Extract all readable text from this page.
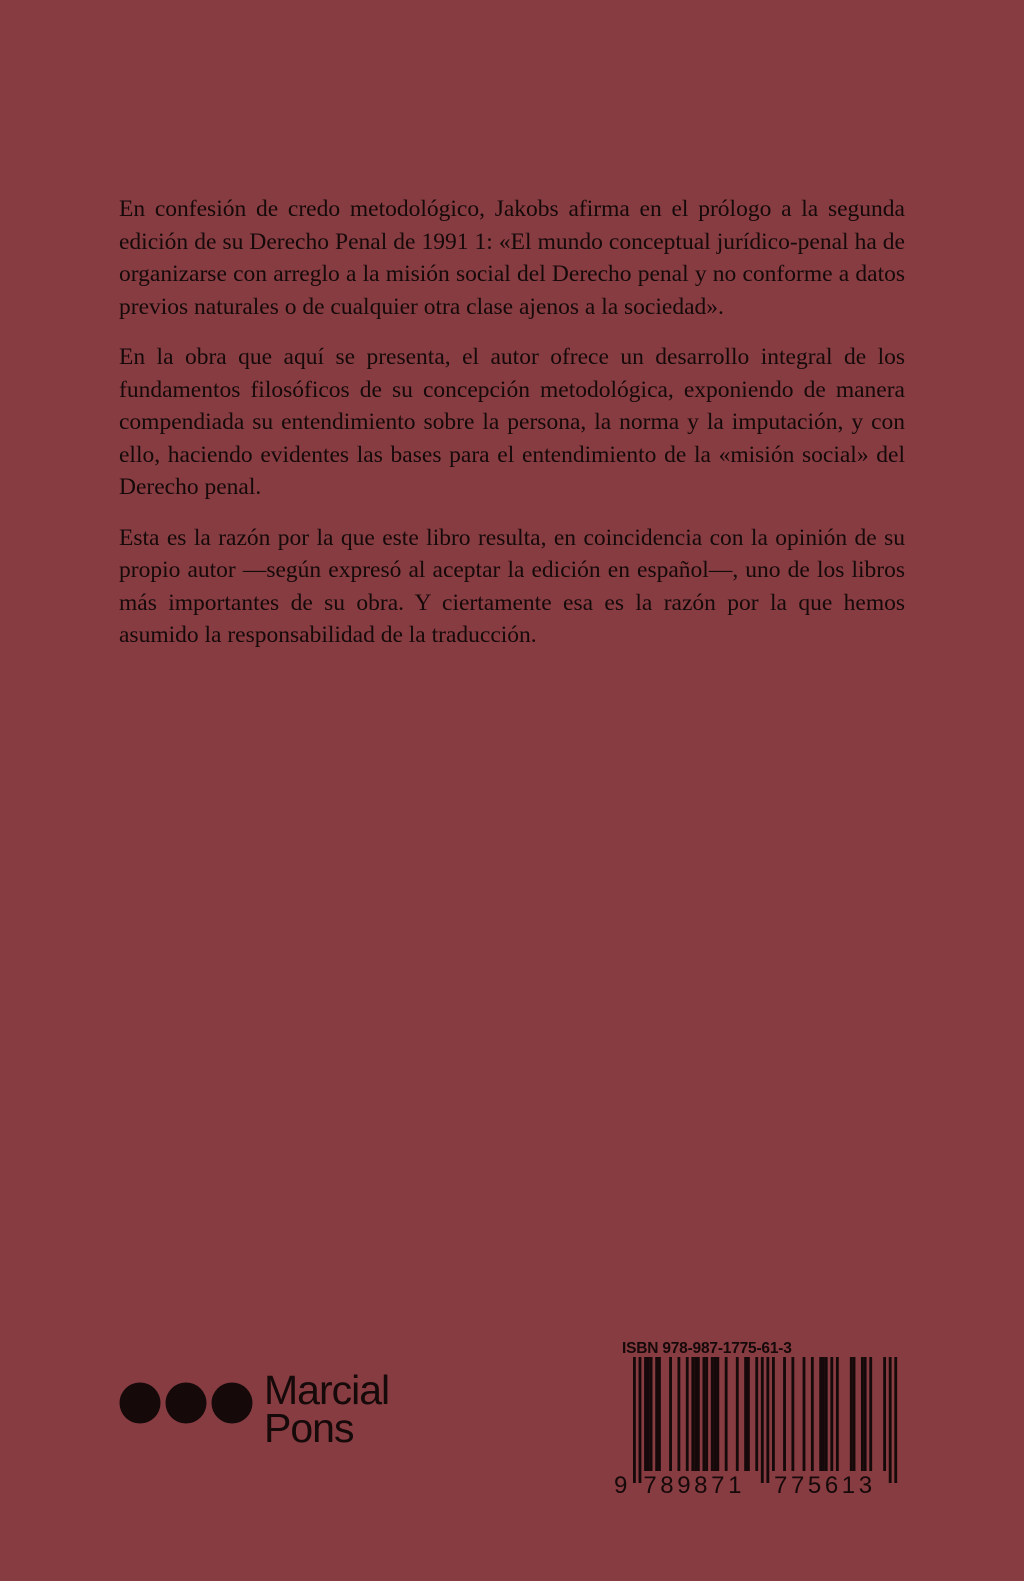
En confesión de credo metodológico, Jakobs afirma en el prólogo a la segunda edición de su Derecho Penal de 1991 1: «El mundo conceptual jurídico-penal ha de organizarse con arreglo a la misión social del Derecho penal y no conforme a datos previos naturales o de cualquier otra clase ajenos a la sociedad».

En la obra que aquí se presenta, el autor ofrece un desarrollo integral de los fundamentos filosóficos de su concepción metodológica, exponiendo de manera compendiada su entendimiento sobre la persona, la norma y la imputación, y con ello, haciendo evidentes las bases para el entendimiento de la «misión social» del Derecho penal.

Esta es la razón por la que este libro resulta, en coincidencia con la opinión de su propio autor —según expresó al aceptar la edición en español—, uno de los libros más importantes de su obra. Y ciertamente esa es la razón por la que hemos asumido la responsabilidad de la traducción.

Marcial
Pons
ISBN 978-987-1775-61-3
9 789871 775613
